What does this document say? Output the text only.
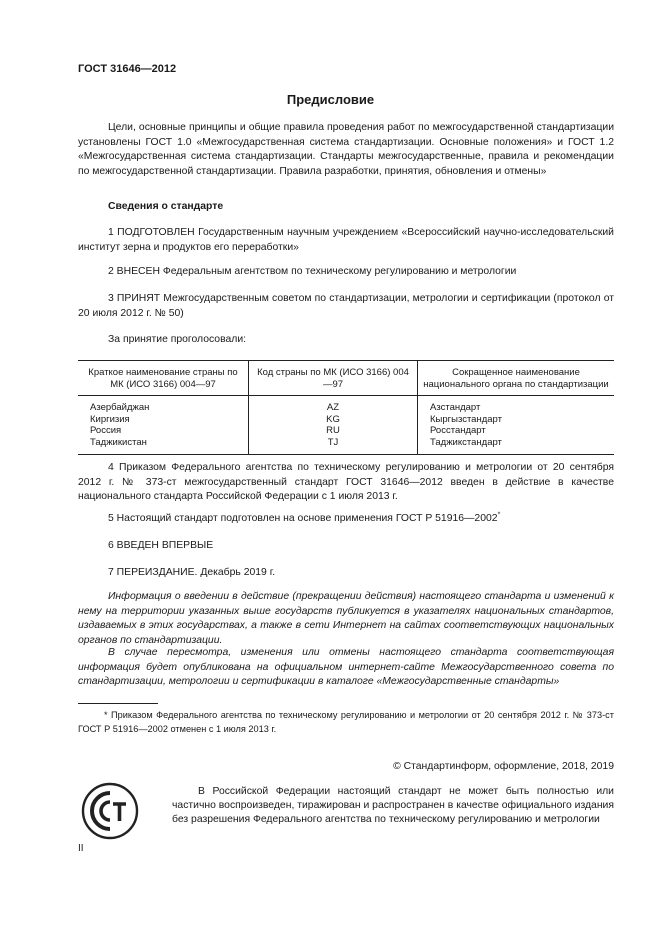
ГОСТ 31646—2012
Предисловие
Цели, основные принципы и общие правила проведения работ по межгосударственной стандартизации установлены ГОСТ 1.0 «Межгосударственная система стандартизации. Основные положения» и ГОСТ 1.2 «Межгосударственная система стандартизации. Стандарты межгосударственные, правила и рекомендации по межгосударственной стандартизации. Правила разработки, принятия, обновления и отмены»
Сведения о стандарте
1 ПОДГОТОВЛЕН Государственным научным учреждением «Всероссийский научно-исследовательский институт зерна и продуктов его переработки»
2 ВНЕСЕН Федеральным агентством по техническому регулированию и метрологии
3 ПРИНЯТ Межгосударственным советом по стандартизации, метрологии и сертификации (протокол от 20 июля 2012 г. № 50)
За принятие проголосовали:
Краткое наименование страны по МК (ИСО 3166) 004—97	Код страны по МК (ИСО 3166) 004—97	Сокращенное наименование национального органа по стандартизации
Азербайджан	AZ	Азстандарт
Киргизия	KG	Кыргызстандарт
Россия	RU	Росстандарт
Таджикистан	TJ	Таджикстандарт
4 Приказом Федерального агентства по техническому регулированию и метрологии от 20 сентября 2012 г. № 373-ст межгосударственный стандарт ГОСТ 31646—2012 введен в действие в качестве национального стандарта Российской Федерации с 1 июля 2013 г.
5 Настоящий стандарт подготовлен на основе применения ГОСТ Р 51916—2002*
6 ВВЕДЕН ВПЕРВЫЕ
7 ПЕРЕИЗДАНИЕ. Декабрь 2019 г.
Информация о введении в действие (прекращении действия) настоящего стандарта и изменений к нему на территории указанных выше государств публикуется в указателях национальных стандартов, издаваемых в этих государствах, а также в сети Интернет на сайтах соответствующих национальных органов по стандартизации.
В случае пересмотра, изменения или отмены настоящего стандарта соответствующая информация будет опубликована на официальном интернет-сайте Межгосударственного совета по стандартизации, метрологии и сертификации в каталоге «Межгосударственные стандарты»
* Приказом Федерального агентства по техническому регулированию и метрологии от 20 сентября 2012 г. № 373-ст ГОСТ Р 51916—2002 отменен с 1 июля 2013 г.
© Стандартинформ, оформление, 2018, 2019
В Российской Федерации настоящий стандарт не может быть полностью или частично воспроизведен, тиражирован и распространен в качестве официального издания без разрешения Федерального агентства по техническому регулированию и метрологии
II
